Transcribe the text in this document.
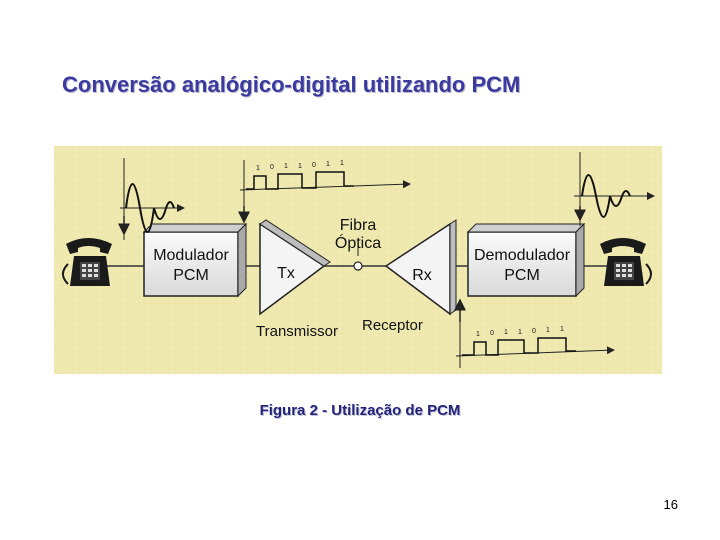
Conversão analógico-digital utilizando PCM
Modulador
PCM
Demodulador
PCM
Tx
Fibra
Óptica
Rx
Transmissor Receptor
1 0 1 1 0 1 1
1 0 1 1 0 1 1
Figura 2 - Utilização de PCM
16
